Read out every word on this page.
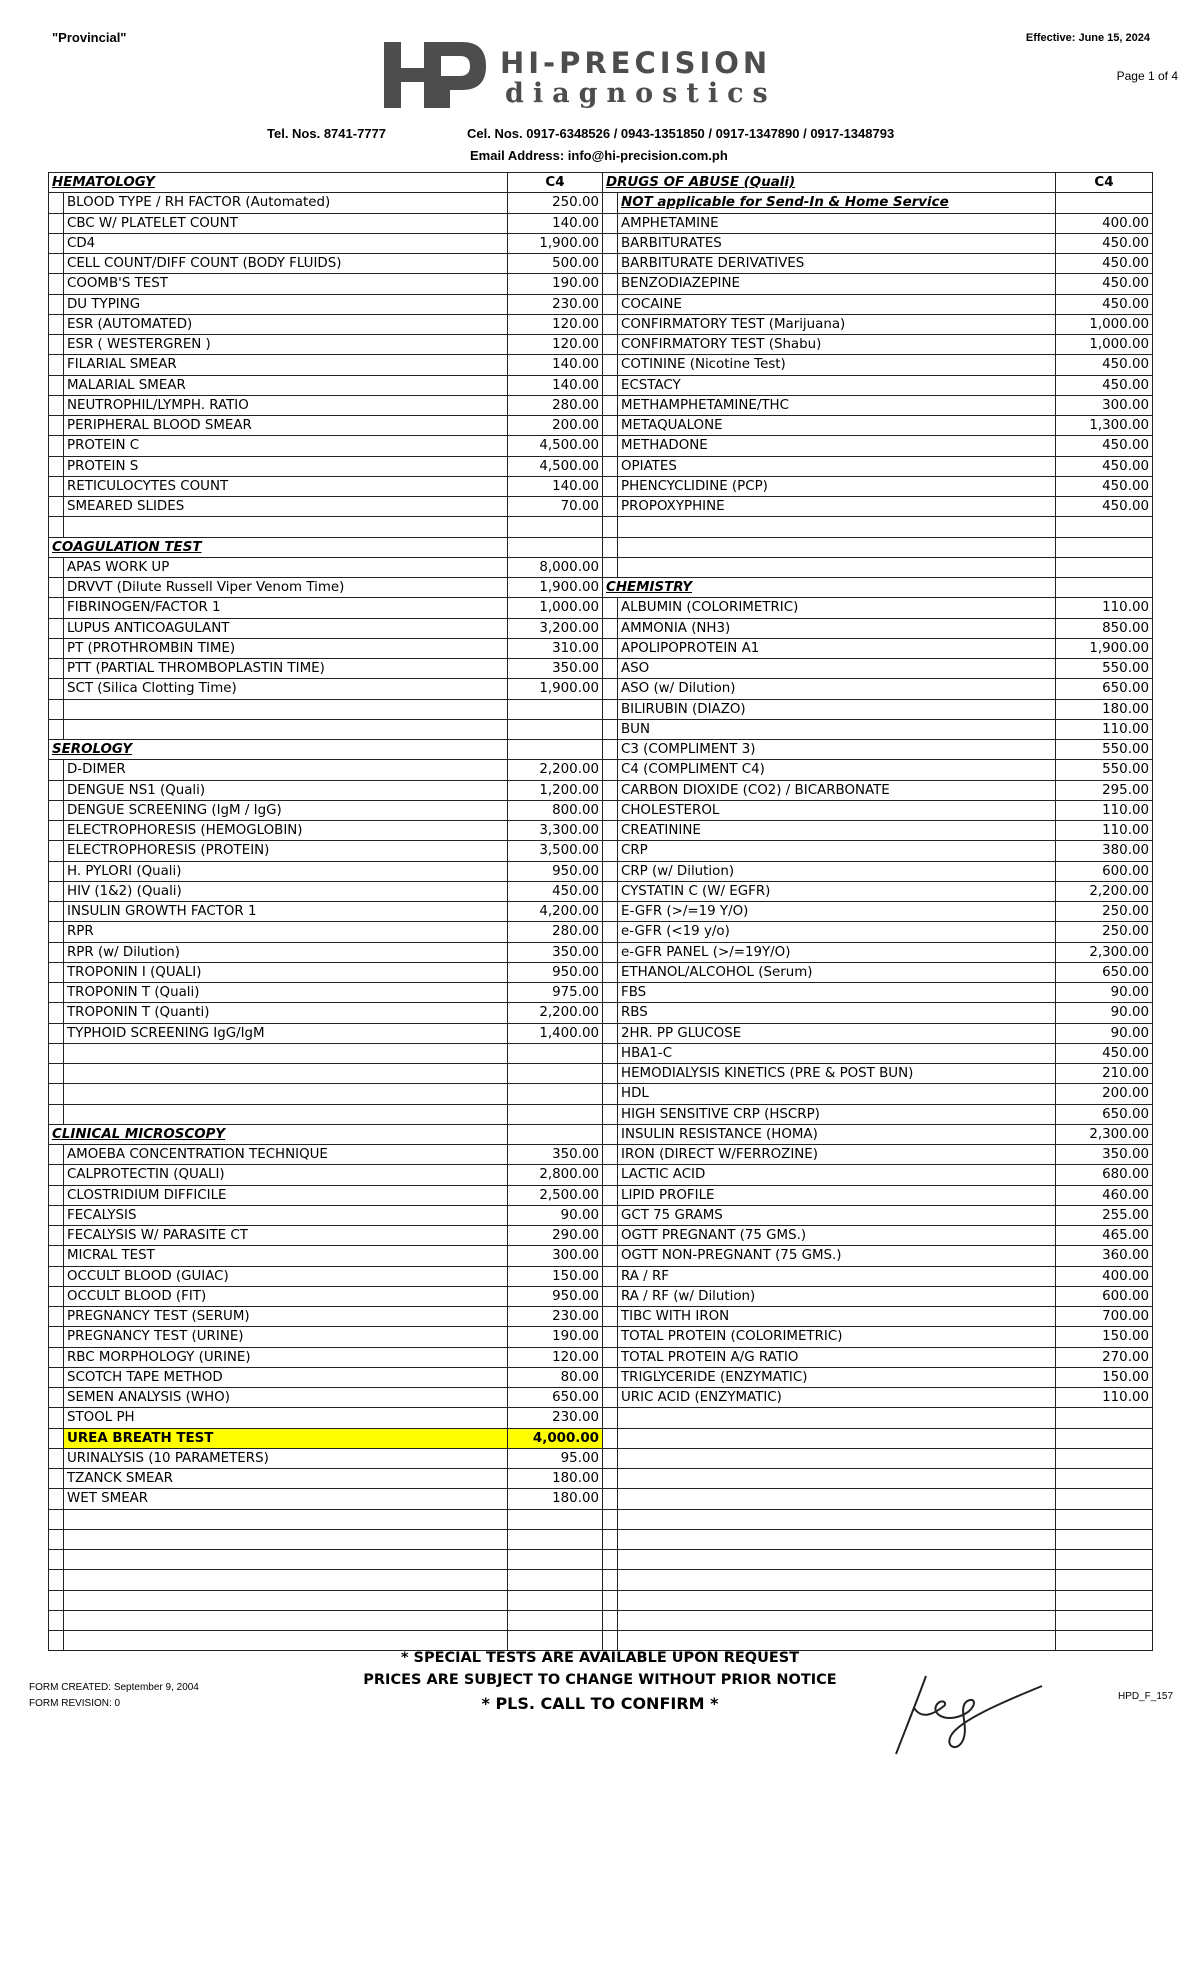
"Provincial"	Effective: June 15, 2024
Page 1 of 4
HI-PRECISION
diagnostics
Tel. Nos. 8741-7777	Cel. Nos. 0917-6348526 / 0943-1351850 / 0917-1347890 / 0917-1348793
Email Address: info@hi-precision.com.ph
HEMATOLOGY		C4	DRUGS OF ABUSE (Quali)		C4
	BLOOD TYPE / RH FACTOR (Automated)	250.00		NOT applicable for Send-In & Home Service	
	CBC W/ PLATELET COUNT	140.00		AMPHETAMINE	400.00
	CD4	1,900.00		BARBITURATES	450.00
	CELL COUNT/DIFF COUNT (BODY FLUIDS)	500.00		BARBITURATE DERIVATIVES	450.00
	COOMB'S TEST	190.00		BENZODIAZEPINE	450.00
	DU TYPING	230.00		COCAINE	450.00
	ESR (AUTOMATED)	120.00		CONFIRMATORY TEST (Marijuana)	1,000.00
	ESR ( WESTERGREN )	120.00		CONFIRMATORY TEST (Shabu)	1,000.00
	FILARIAL SMEAR	140.00		COTININE (Nicotine Test)	450.00
	MALARIAL SMEAR	140.00		ECSTACY	450.00
	NEUTROPHIL/LYMPH. RATIO	280.00		METHAMPHETAMINE/THC	300.00
	PERIPHERAL BLOOD SMEAR	200.00		METAQUALONE	1,300.00
	PROTEIN C	4,500.00		METHADONE	450.00
	PROTEIN S	4,500.00		OPIATES	450.00
	RETICULOCYTES COUNT	140.00		PHENCYCLIDINE (PCP)	450.00
	SMEARED SLIDES	70.00		PROPOXYPHINE	450.00

COAGULATION TEST					
	APAS WORK UP	8,000.00			
	DRVVT (Dilute Russell Viper Venom Time)	1,900.00	CHEMISTRY		
	FIBRINOGEN/FACTOR 1	1,000.00		ALBUMIN (COLORIMETRIC)	110.00
	LUPUS ANTICOAGULANT	3,200.00		AMMONIA (NH3)	850.00
	PT (PROTHROMBIN TIME)	310.00		APOLIPOPROTEIN A1	1,900.00
	PTT (PARTIAL THROMBOPLASTIN TIME)	350.00		ASO	550.00
	SCT (Silica Clotting Time)	1,900.00		ASO (w/ Dilution)	650.00
				BILIRUBIN (DIAZO)	180.00
				BUN	110.00
SEROLOGY				C3 (COMPLIMENT 3)	550.00
	D-DIMER	2,200.00		C4 (COMPLIMENT C4)	550.00
	DENGUE NS1 (Quali)	1,200.00		CARBON DIOXIDE (CO2) / BICARBONATE	295.00
	DENGUE SCREENING (IgM / IgG)	800.00		CHOLESTEROL	110.00
	ELECTROPHORESIS (HEMOGLOBIN)	3,300.00		CREATININE	110.00
	ELECTROPHORESIS (PROTEIN)	3,500.00		CRP	380.00
	H. PYLORI (Quali)	950.00		CRP (w/ Dilution)	600.00
	HIV (1&2) (Quali)	450.00		CYSTATIN C (W/ EGFR)	2,200.00
	INSULIN GROWTH FACTOR 1	4,200.00		E-GFR (>/=19 Y/O)	250.00
	RPR	280.00		e-GFR (<19 y/o)	250.00
	RPR (w/ Dilution)	350.00		e-GFR PANEL (>/=19Y/O)	2,300.00
	TROPONIN I (QUALI)	950.00		ETHANOL/ALCOHOL (Serum)	650.00
	TROPONIN T (Quali)	975.00		FBS	90.00
	TROPONIN T (Quanti)	2,200.00		RBS	90.00
	TYPHOID SCREENING IgG/IgM	1,400.00		2HR. PP GLUCOSE	90.00
				HBA1-C	450.00
				HEMODIALYSIS KINETICS (PRE & POST BUN)	210.00
				HDL	200.00
				HIGH SENSITIVE CRP (HSCRP)	650.00
CLINICAL MICROSCOPY				INSULIN RESISTANCE (HOMA)	2,300.00
	AMOEBA CONCENTRATION TECHNIQUE	350.00		IRON (DIRECT W/FERROZINE)	350.00
	CALPROTECTIN (QUALI)	2,800.00		LACTIC ACID	680.00
	CLOSTRIDIUM DIFFICILE	2,500.00		LIPID PROFILE	460.00
	FECALYSIS	90.00		GCT 75 GRAMS	255.00
	FECALYSIS W/ PARASITE CT	290.00		OGTT PREGNANT (75 GMS.)	465.00
	MICRAL TEST	300.00		OGTT NON-PREGNANT (75 GMS.)	360.00
	OCCULT BLOOD (GUIAC)	150.00		RA / RF	400.00
	OCCULT BLOOD (FIT)	950.00		RA / RF (w/ Dilution)	600.00
	PREGNANCY TEST (SERUM)	230.00		TIBC WITH IRON	700.00
	PREGNANCY TEST (URINE)	190.00		TOTAL PROTEIN (COLORIMETRIC)	150.00
	RBC MORPHOLOGY (URINE)	120.00		TOTAL PROTEIN A/G RATIO	270.00
	SCOTCH TAPE METHOD	80.00		TRIGLYCERIDE (ENZYMATIC)	150.00
	SEMEN ANALYSIS (WHO)	650.00		URIC ACID (ENZYMATIC)	110.00
	STOOL PH	230.00			
	UREA BREATH TEST	4,000.00			
	URINALYSIS (10 PARAMETERS)	95.00			
	TZANCK SMEAR	180.00			
	WET SMEAR	180.00			

* SPECIAL TESTS ARE AVAILABLE UPON REQUEST
PRICES ARE SUBJECT TO CHANGE WITHOUT PRIOR NOTICE
* PLS. CALL TO CONFIRM *
FORM CREATED: September 9, 2004
FORM REVISION: 0
HPD_F_157
